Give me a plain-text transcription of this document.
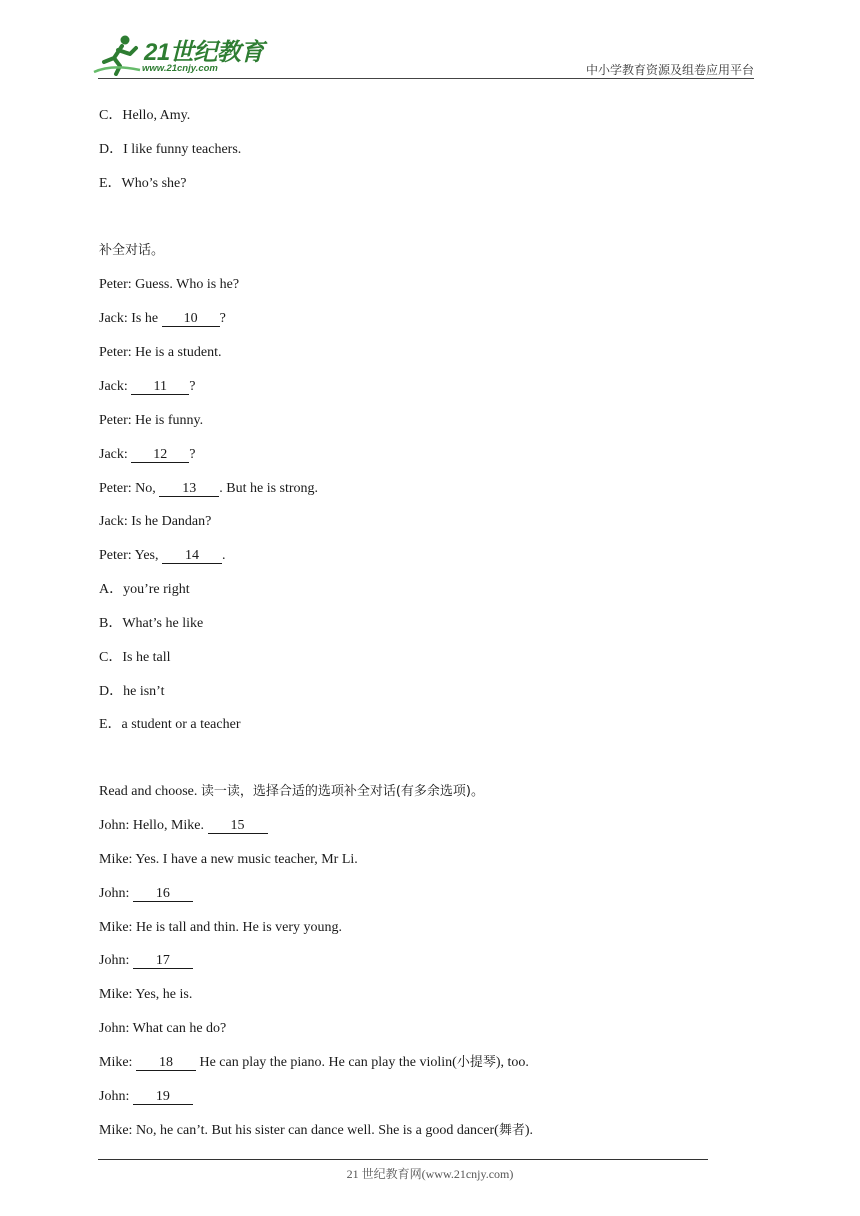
21世纪教育
www.21cnjy.com	中小学教育资源及组卷应用平台
C．Hello, Amy.
D．I like funny teachers.
E．Who’s she?
补全对话。
Peter: Guess. Who is he?
Jack: Is he 10 ?
Peter: He is a student.
Jack: 11 ?
Peter: He is funny.
Jack: 12 ?
Peter: No, 13 . But he is strong.
Jack: Is he Dandan?
Peter: Yes, 14 .
A．you’re right
B．What’s he like
C．Is he tall
D．he isn’t
E．a student or a teacher
Read and choose. 读一读，选择合适的选项补全对话(有多余选项)。
John: Hello, Mike. 15
Mike: Yes. I have a new music teacher, Mr Li.
John: 16
Mike: He is tall and thin. He is very young.
John: 17
Mike: Yes, he is.
John: What can he do?
Mike: 18 He can play the piano. He can play the violin(小提琴), too.
John: 19
Mike: No, he can’t. But his sister can dance well. She is a good dancer(舞者).
21 世纪教育网(www.21cnjy.com)
